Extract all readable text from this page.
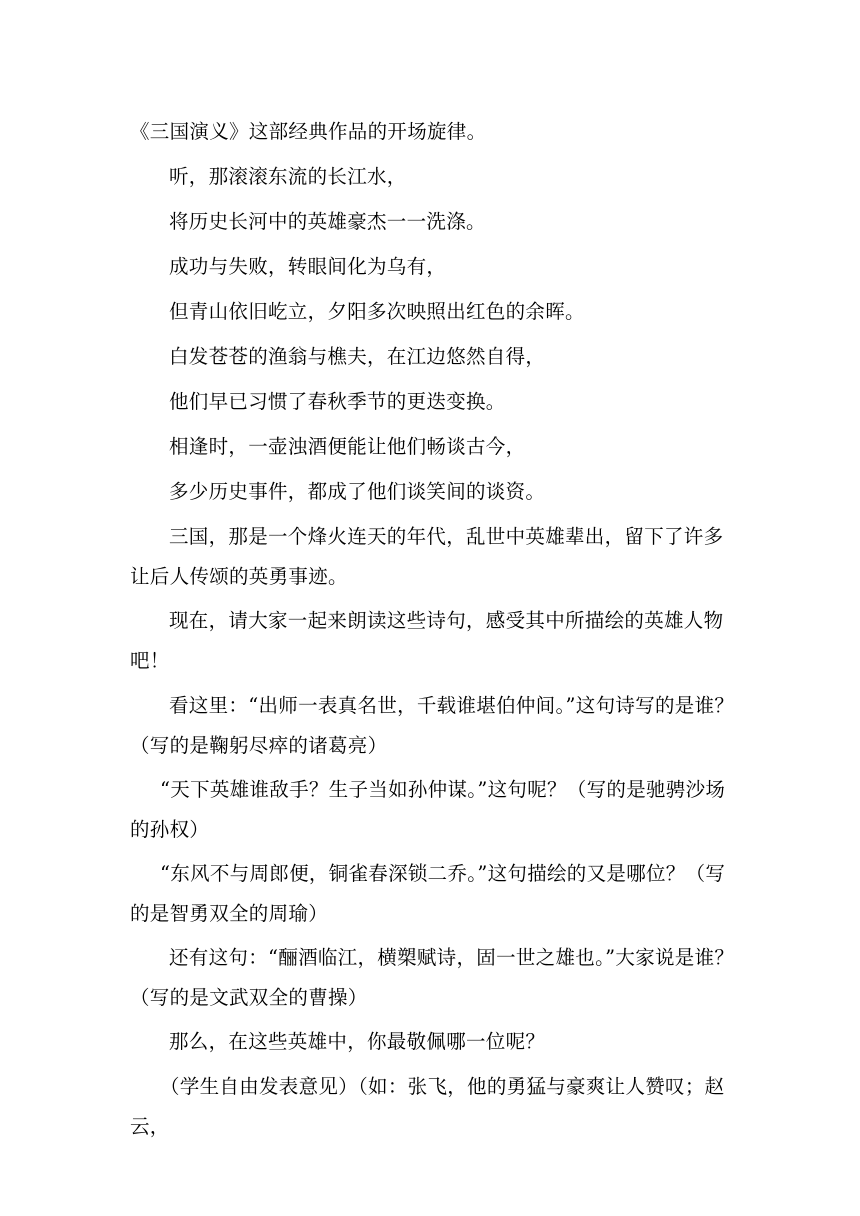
《三国演义》这部经典作品的开场旋律。

听，那滚滚东流的长江水，

将历史长河中的英雄豪杰一一洗涤。

成功与失败，转眼间化为乌有，

但青山依旧屹立，夕阳多次映照出红色的余晖。

白发苍苍的渔翁与樵夫，在江边悠然自得，

他们早已习惯了春秋季节的更迭变换。

相逢时，一壶浊酒便能让他们畅谈古今，

多少历史事件，都成了他们谈笑间的谈资。

三国，那是一个烽火连天的年代，乱世中英雄辈出，留下了许多让后人传颂的英勇事迹。

现在，请大家一起来朗读这些诗句，感受其中所描绘的英雄人物吧！

看这里：“出师一表真名世，千载谁堪伯仲间。”这句诗写的是谁？（写的是鞠躬尽瘁的诸葛亮）

“天下英雄谁敌手？生子当如孙仲谋。”这句呢？（写的是驰骋沙场的孙权）

“东风不与周郎便，铜雀春深锁二乔。”这句描绘的又是哪位？（写的是智勇双全的周瑜）

还有这句：“酾酒临江，横槊赋诗，固一世之雄也。”大家说是谁？（写的是文武双全的曹操）

那么，在这些英雄中，你最敬佩哪一位呢？

（学生自由发表意见）（如：张飞，他的勇猛与豪爽让人赞叹；赵云，
